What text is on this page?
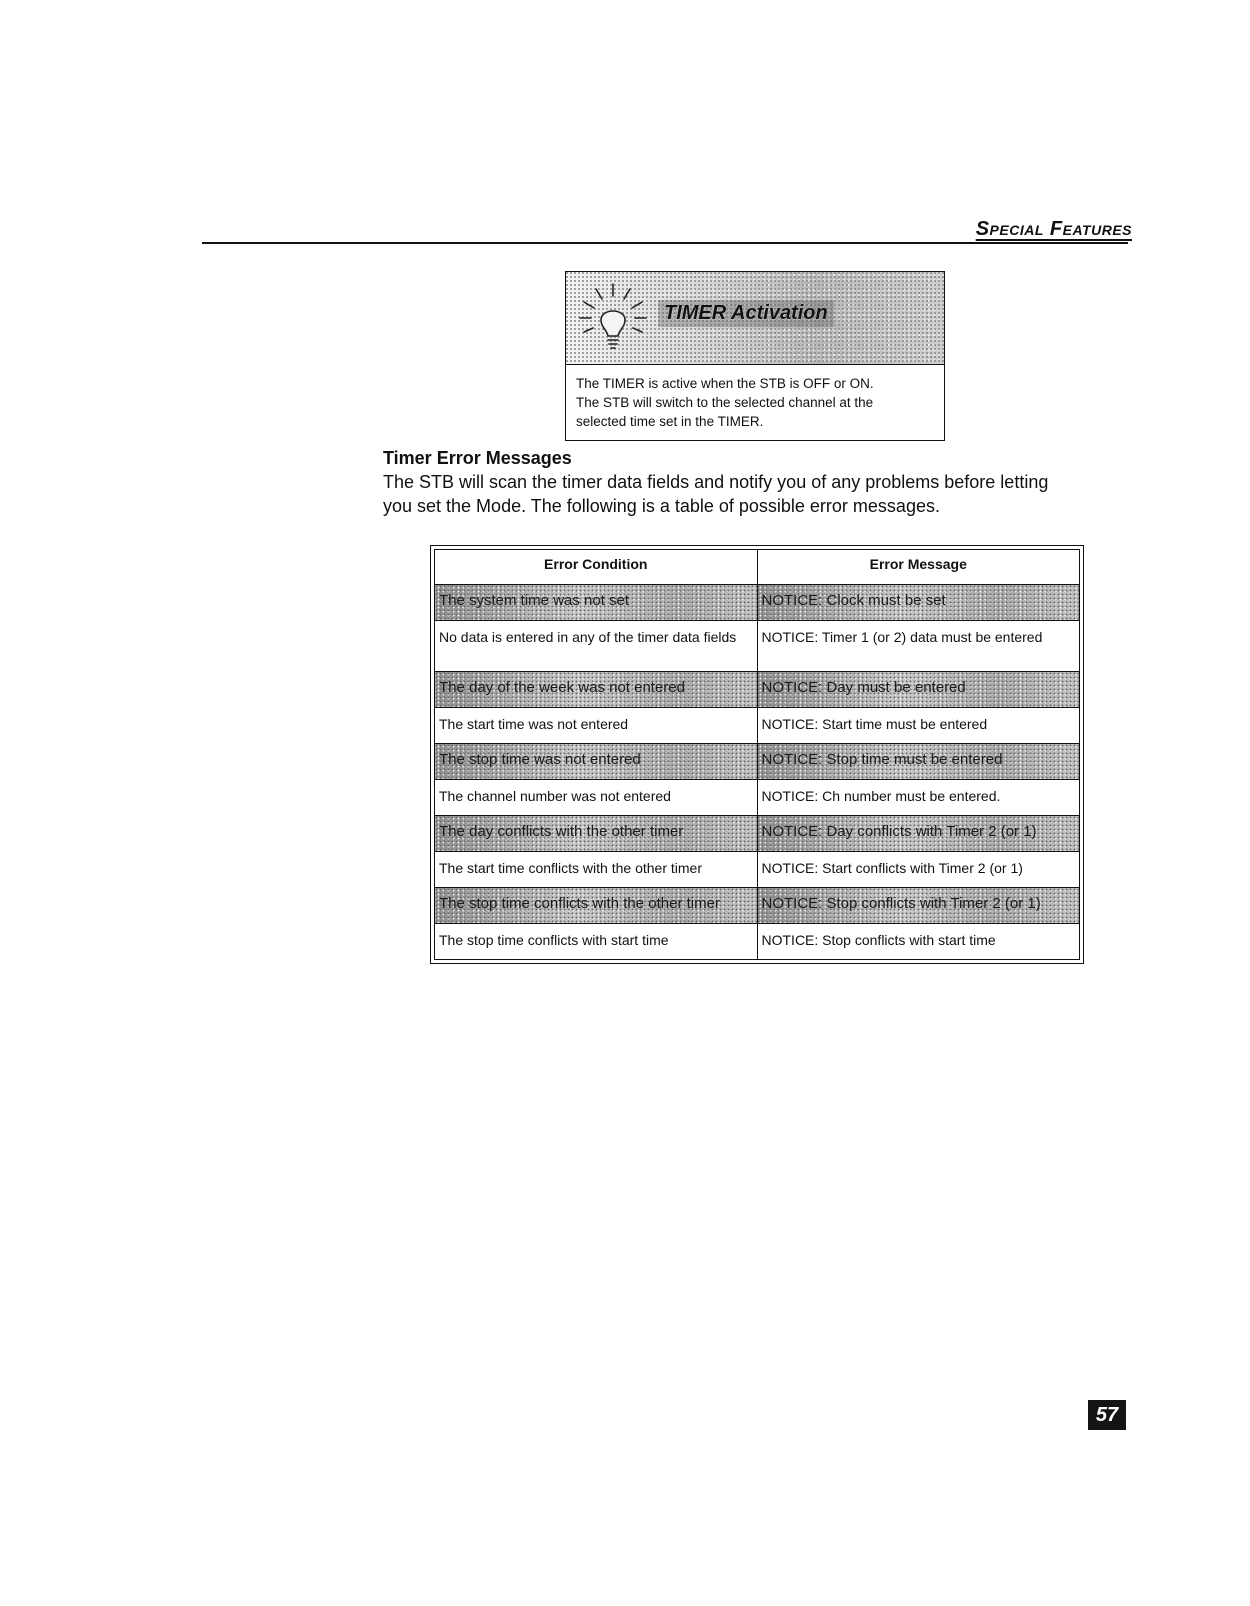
Special Features
TIMER Activation
The TIMER is active when the STB is OFF or ON.
The STB will switch to the selected channel at the
selected time set in the TIMER.
Timer Error Messages
The STB will scan the timer data fields and notify you of any problems before letting
you set the Mode. The following is a table of possible error messages.
Error Condition	Error Message
The system time was not set	NOTICE: Clock must be set
No data is entered in any of the timer data fields	NOTICE: Timer 1 (or 2) data must be entered
The day of the week was not entered	NOTICE: Day must be entered
The start time was not entered	NOTICE: Start time must be entered
The stop time was not entered	NOTICE: Stop time must be entered
The channel number was not entered	NOTICE: Ch number must be entered.
The day conflicts with the other timer	NOTICE: Day conflicts with Timer 2 (or 1)
The start time conflicts with the other timer	NOTICE: Start conflicts with Timer 2 (or 1)
The stop time conflicts with the other timer	NOTICE: Stop conflicts with Timer 2 (or 1)
The stop time conflicts with start time	NOTICE: Stop conflicts with start time
57
